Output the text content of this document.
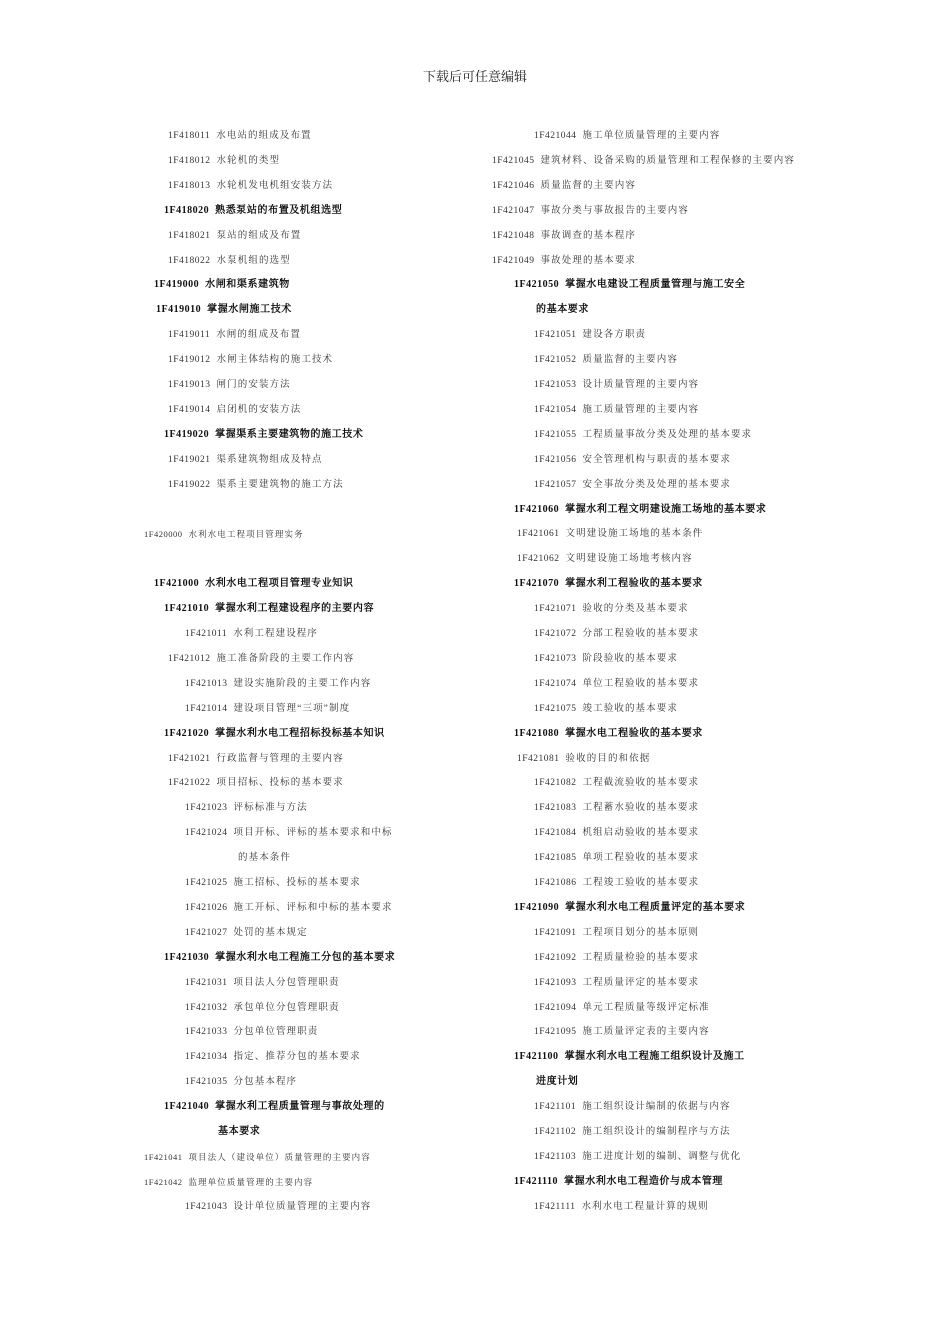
下载后可任意编辑
1F418011 水电站的组成及布置
1F418012 水轮机的类型
1F418013 水轮机发电机组安装方法
1F418020 熟悉泵站的布置及机组选型
1F418021 泵站的组成及布置
1F418022 水泵机组的选型
1F419000 水闸和渠系建筑物
1F419010 掌握水闸施工技术
1F419011 水闸的组成及布置
1F419012 水闸主体结构的施工技术
1F419013 闸门的安装方法
1F419014 启闭机的安装方法
1F419020 掌握渠系主要建筑物的施工技术
1F419021 渠系建筑物组成及特点
1F419022 渠系主要建筑物的施工方法
1F420000 水利水电工程项目管理实务
1F421000 水利水电工程项目管理专业知识
1F421010 掌握水利工程建设程序的主要内容
1F421011 水利工程建设程序
1F421012 施工准备阶段的主要工作内容
1F421013 建设实施阶段的主要工作内容
1F421014 建设项目管理“三项”制度
1F421020 掌握水利水电工程招标投标基本知识
1F421021 行政监督与管理的主要内容
1F421022 项目招标、投标的基本要求
1F421023 评标标准与方法
1F421024 项目开标、评标的基本要求和中标
的基本条件
1F421025 施工招标、投标的基本要求
1F421026 施工开标、评标和中标的基本要求
1F421027 处罚的基本规定
1F421030 掌握水利水电工程施工分包的基本要求
1F421031 项目法人分包管理职责
1F421032 承包单位分包管理职责
1F421033 分包单位管理职责
1F421034 指定、推荐分包的基本要求
1F421035 分包基本程序
1F421040 掌握水利工程质量管理与事故处理的
基本要求
1F421041 项目法人（建设单位）质量管理的主要内容
1F421042 监理单位质量管理的主要内容
1F421043 设计单位质量管理的主要内容
1F421044 施工单位质量管理的主要内容
1F421045 建筑材料、设备采购的质量管理和工程保修的主要内容
1F421046 质量监督的主要内容
1F421047 事故分类与事故报告的主要内容
1F421048 事故调查的基本程序
1F421049 事故处理的基本要求
1F421050 掌握水电建设工程质量管理与施工安全
的基本要求
1F421051 建设各方职责
1F421052 质量监督的主要内容
1F421053 设计质量管理的主要内容
1F421054 施工质量管理的主要内容
1F421055 工程质量事故分类及处理的基本要求
1F421056 安全管理机构与职责的基本要求
1F421057 安全事故分类及处理的基本要求
1F421060 掌握水利工程文明建设施工场地的基本要求
1F421061 文明建设施工场地的基本条件
1F421062 文明建设施工场地考核内容
1F421070 掌握水利工程验收的基本要求
1F421071 验收的分类及基本要求
1F421072 分部工程验收的基本要求
1F421073 阶段验收的基本要求
1F421074 单位工程验收的基本要求
1F421075 竣工验收的基本要求
1F421080 掌握水电工程验收的基本要求
1F421081 验收的目的和依据
1F421082 工程截流验收的基本要求
1F421083 工程蓄水验收的基本要求
1F421084 机组启动验收的基本要求
1F421085 单项工程验收的基本要求
1F421086 工程竣工验收的基本要求
1F421090 掌握水利水电工程质量评定的基本要求
1F421091 工程项目划分的基本原则
1F421092 工程质量检验的基本要求
1F421093 工程质量评定的基本要求
1F421094 单元工程质量等级评定标准
1F421095 施工质量评定表的主要内容
1F421100 掌握水利水电工程施工组织设计及施工
进度计划
1F421101 施工组织设计编制的依据与内容
1F421102 施工组织设计的编制程序与方法
1F421103 施工进度计划的编制、调整与优化
1F421110 掌握水利水电工程造价与成本管理
1F421111 水利水电工程量计算的规则
